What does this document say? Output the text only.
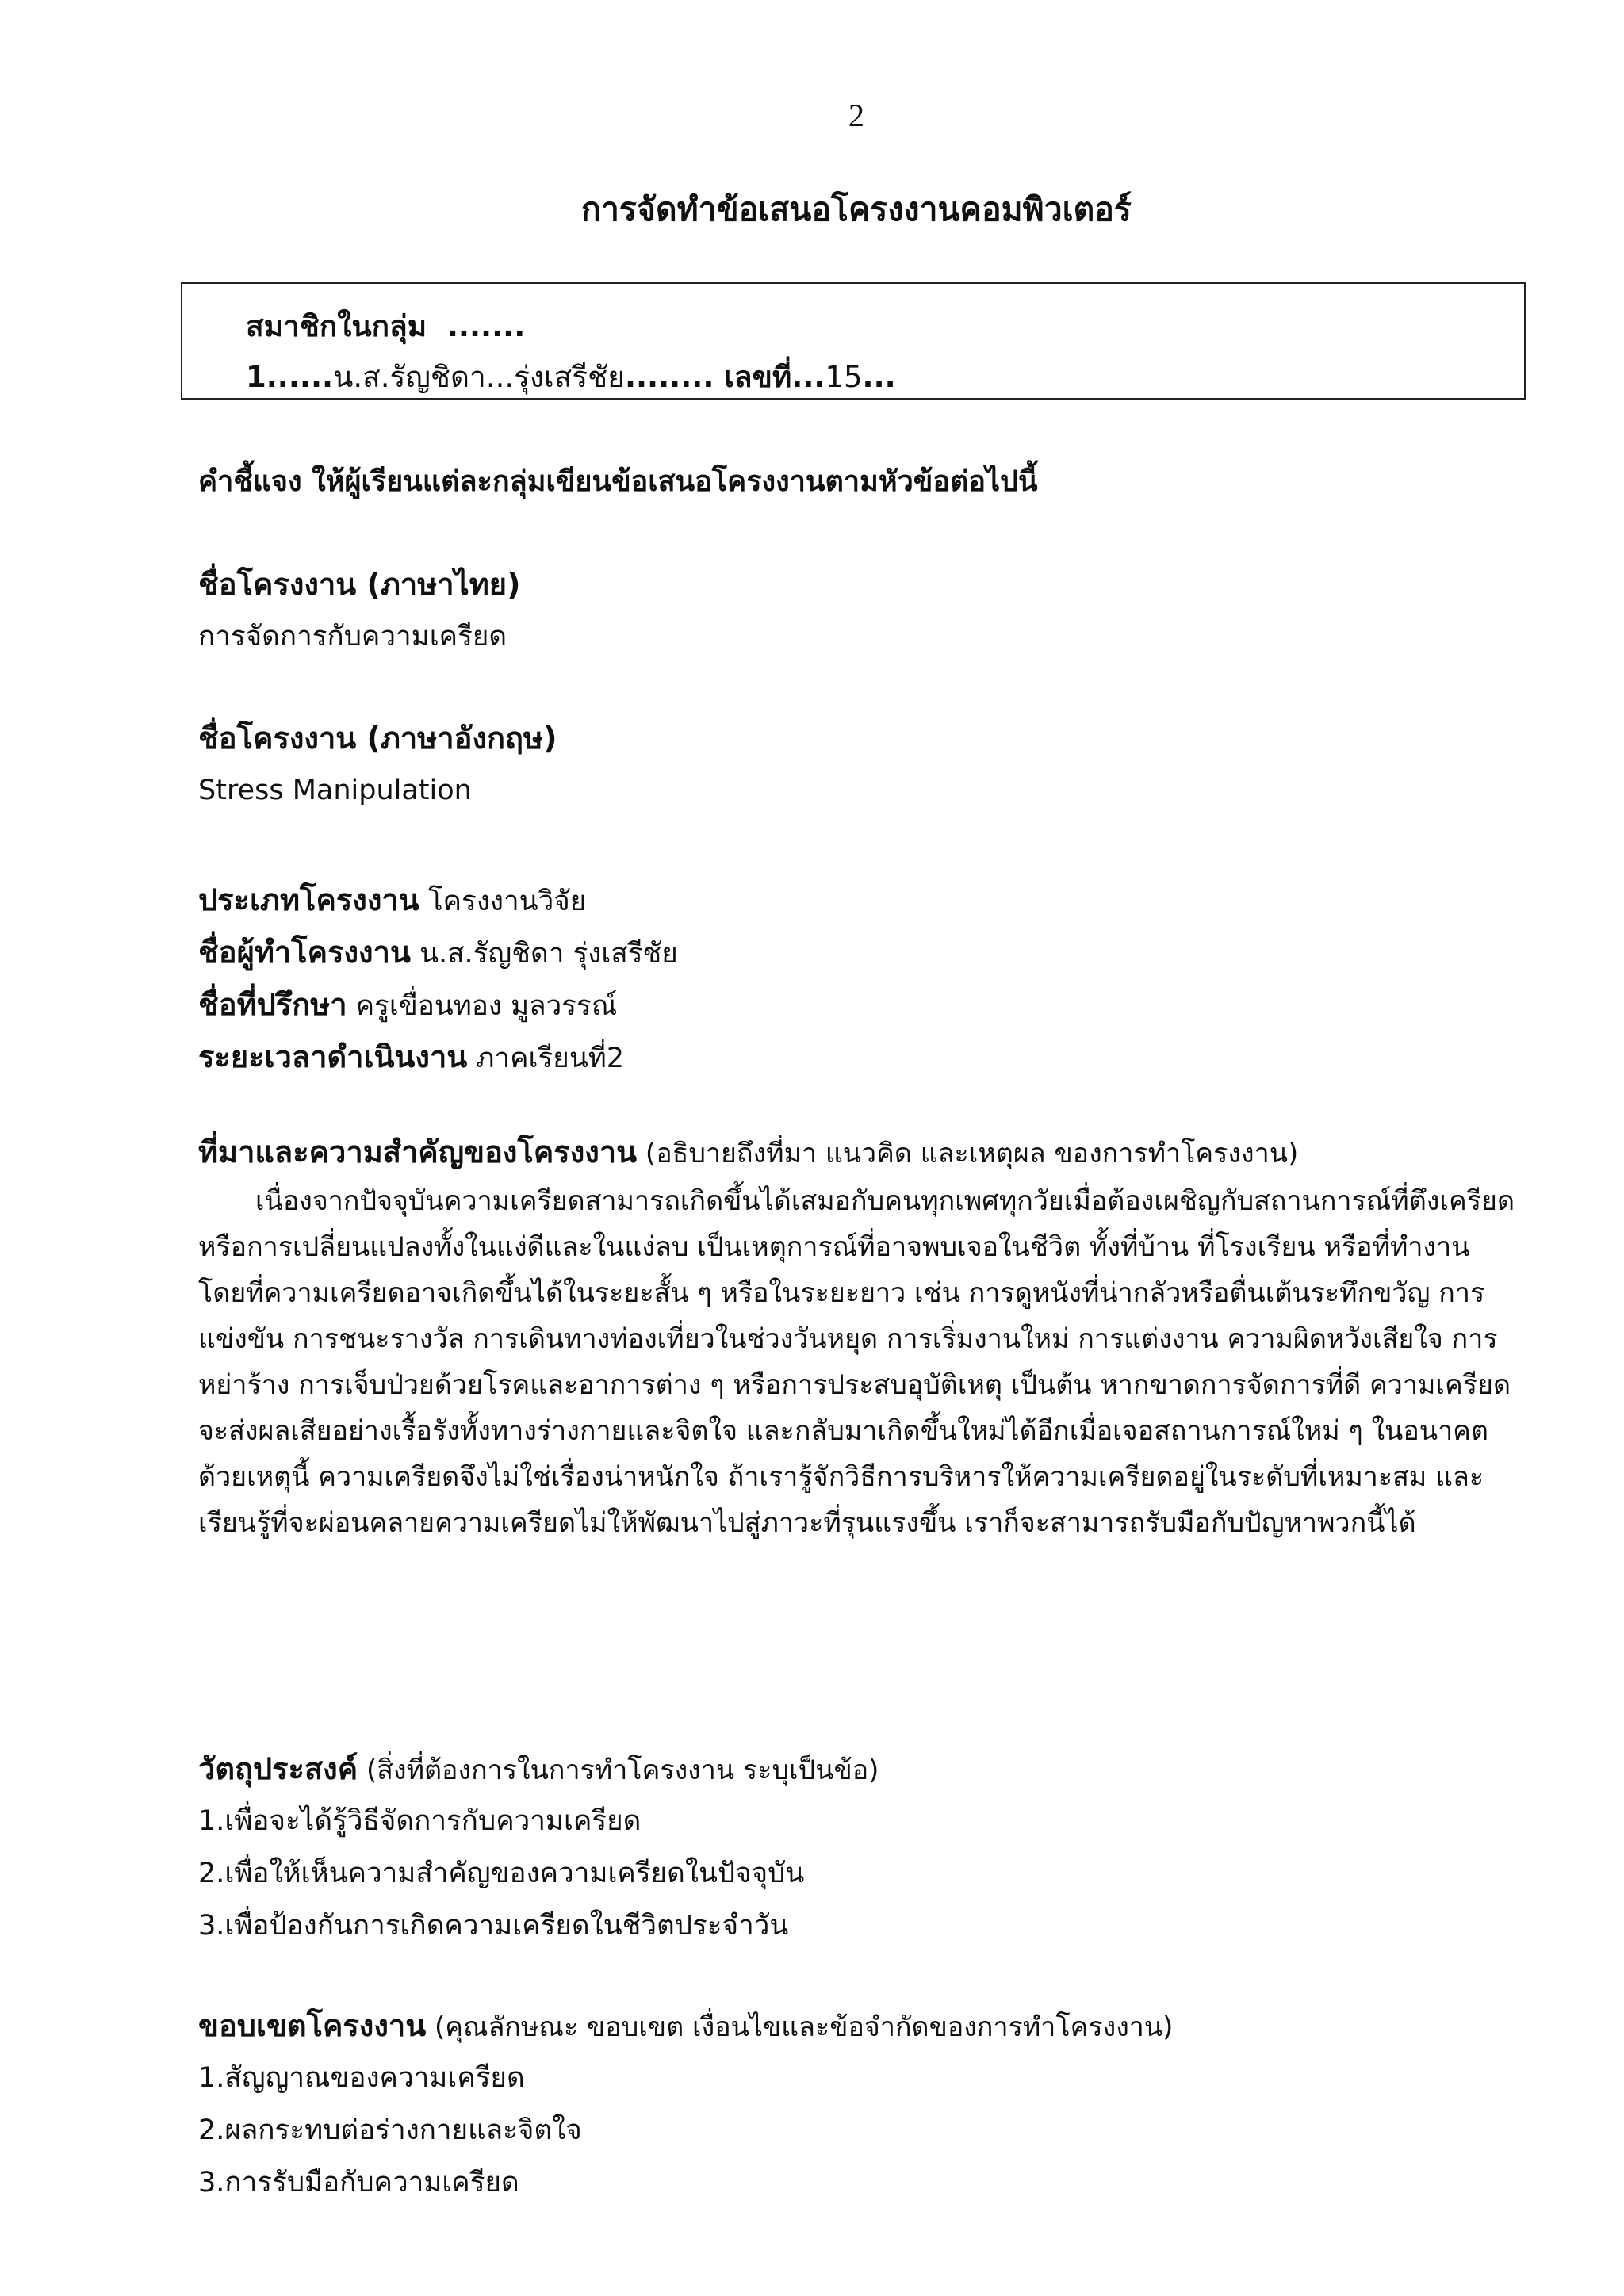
2
การจัดทำข้อเสนอโครงงานคอมพิวเตอร์
สมาชิกในกลุ่ม .......
1......น.ส.รัญชิดา...รุ่งเสรีชัย........ เลขที่...15...
คำชี้แจง ให้ผู้เรียนแต่ละกลุ่มเขียนข้อเสนอโครงงานตามหัวข้อต่อไปนี้
ชื่อโครงงาน (ภาษาไทย)
การจัดการกับความเครียด
ชื่อโครงงาน (ภาษาอังกฤษ)
Stress Manipulation
ประเภทโครงงาน โครงงานวิจัย
ชื่อผู้ทำโครงงาน น.ส.รัญชิดา รุ่งเสรีชัย
ชื่อที่ปรึกษา ครูเขื่อนทอง มูลวรรณ์
ระยะเวลาดำเนินงาน ภาคเรียนที่2
ที่มาและความสำคัญของโครงงาน (อธิบายถึงที่มา แนวคิด และเหตุผล ของการทำโครงงาน)
เนื่องจากปัจจุบันความเครียดสามารถเกิดขึ้นได้เสมอกับคนทุกเพศทุกวัยเมื่อต้องเผชิญกับสถานการณ์ที่ตึงเครียด
หรือการเปลี่ยนแปลงทั้งในแง่ดีและในแง่ลบ เป็นเหตุการณ์ที่อาจพบเจอในชีวิต ทั้งที่บ้าน ที่โรงเรียน หรือที่ทำงาน
โดยที่ความเครียดอาจเกิดขึ้นได้ในระยะสั้น ๆ หรือในระยะยาว เช่น การดูหนังที่น่ากลัวหรือตื่นเต้นระทึกขวัญ การ
แข่งขัน การชนะรางวัล การเดินทางท่องเที่ยวในช่วงวันหยุด การเริ่มงานใหม่ การแต่งงาน ความผิดหวังเสียใจ การ
หย่าร้าง การเจ็บป่วยด้วยโรคและอาการต่าง ๆ หรือการประสบอุบัติเหตุ เป็นต้น หากขาดการจัดการที่ดี ความเครียด
จะส่งผลเสียอย่างเรื้อรังทั้งทางร่างกายและจิตใจ และกลับมาเกิดขึ้นใหม่ได้อีกเมื่อเจอสถานการณ์ใหม่ ๆ ในอนาคต
ด้วยเหตุนี้ ความเครียดจึงไม่ใช่เรื่องน่าหนักใจ ถ้าเรารู้จักวิธีการบริหารให้ความเครียดอยู่ในระดับที่เหมาะสม และ
เรียนรู้ที่จะผ่อนคลายความเครียดไม่ให้พัฒนาไปสู่ภาวะที่รุนแรงขึ้น เราก็จะสามารถรับมือกับปัญหาพวกนี้ได้
วัตถุประสงค์ (สิ่งที่ต้องการในการทำโครงงาน ระบุเป็นข้อ)
1.เพื่อจะได้รู้วิธีจัดการกับความเครียด
2.เพื่อให้เห็นความสำคัญของความเครียดในปัจจุบัน
3.เพื่อป้องกันการเกิดความเครียดในชีวิตประจำวัน
ขอบเขตโครงงาน (คุณลักษณะ ขอบเขต เงื่อนไขและข้อจำกัดของการทำโครงงาน)
1.สัญญาณของความเครียด
2.ผลกระทบต่อร่างกายและจิตใจ
3.การรับมือกับความเครียด
